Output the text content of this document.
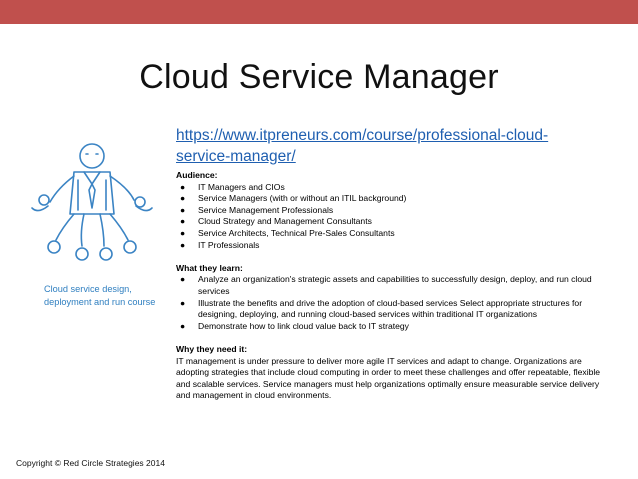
Cloud Service Manager
https://www.itpreneurs.com/course/professional-cloud-service-manager/
Cloud service design, deployment and run course
Audience:
● IT Managers and CIOs
● Service Managers (with or without an ITIL background)
● Service Management Professionals
● Cloud Strategy and Management Consultants
● Service Architects, Technical Pre-Sales Consultants
● IT Professionals
What they learn:
● Analyze an organization's strategic assets and capabilities to successfully design, deploy, and run cloud services
● Illustrate the benefits and drive the adoption of cloud-based services Select appropriate structures for designing, deploying, and running cloud-based services within traditional IT organizations
● Demonstrate how to link cloud value back to IT strategy
Why they need it:
IT management is under pressure to deliver more agile IT services and adapt to change. Organizations are adopting strategies that include cloud computing in order to meet these challenges and offer repeatable, flexible and scalable services. Service managers must help organizations optimally ensure measurable service delivery and management in cloud environments.
Copyright © Red Circle Strategies 2014
